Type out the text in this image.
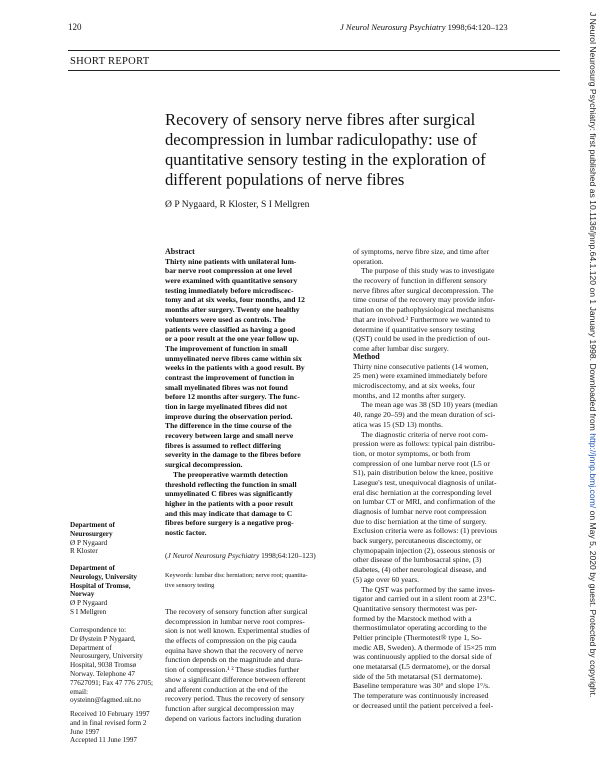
120	J Neurol Neurosurg Psychiatry 1998;64:120–123
SHORT REPORT
Recovery of sensory nerve fibres after surgical
decompression in lumbar radiculopathy: use of
quantitative sensory testing in the exploration of
different populations of nerve fibres
Ø P Nygaard, R Kloster, S I Mellgren
Abstract
Thirty nine patients with unilateral lum-
bar nerve root compression at one level
were examined with quantitative sensory
testing immediately before microdiscec-
tomy and at six weeks, four months, and 12
months after surgery. Twenty one healthy
volunteers were used as controls. The
patients were classified as having a good
or a poor result at the one year follow up.
The improvement of function in small
unmyelinated nerve fibres came within six
weeks in the patients with a good result. By
contrast the improvement of function in
small myelinated fibres was not found
before 12 months after surgery. The func-
tion in large myelinated fibres did not
improve during the observation period.
The difference in the time course of the
recovery between large and small nerve
fibres is assumed to reflect differing
severity in the damage to the fibres before
surgical decompression.
The preoperative warmth detection
threshold reflecting the function in small
unmyelinated C fibres was significantly
higher in the patients with a poor result
and this may indicate that damage to C
fibres before surgery is a negative prog-
nostic factor.
(J Neurol Neurosurg Psychiatry 1998;64:120–123)
Keywords: lumbar disc herniation; nerve root; quantita-
tive sensory testing
The recovery of sensory function after surgical
decompression in lumbar nerve root compres-
sion is not well known. Experimental studies of
the effects of compression on the pig cauda
equina have shown that the recovery of nerve
function depends on the magnitude and dura-
tion of compression.¹ ² These studies further
show a significant difference between efferent
and afferent conduction at the end of the
recovery period. Thus the recovery of sensory
function after surgical decompression may
depend on various factors including duration
of symptoms, nerve fibre size, and time after
operation.
The purpose of this study was to investigate
the recovery of function in different sensory
nerve fibres after surgical decompression. The
time course of the recovery may provide infor-
mation on the pathophysiological mechanisms
that are involved.³ Furthermore we wanted to
determine if quantitative sensory testing
(QST) could be used in the prediction of out-
come after lumbar disc surgery.
Method
Thirty nine consecutive patients (14 women,
25 men) were examined immediately before
microdiscectomy, and at six weeks, four
months, and 12 months after surgery.
The mean age was 38 (SD 10) years (median
40, range 20–59) and the mean duration of sci-
atica was 15 (SD 13) months.
The diagnostic criteria of nerve root com-
pression were as follows: typical pain distribu-
tion, or motor symptoms, or both from
compression of one lumbar nerve root (L5 or
S1), pain distribution below the knee, positive
Lasegue's test, unequivocal diagnosis of unilat-
eral disc herniation at the corresponding level
on lumbar CT or MRI, and confirmation of the
diagnosis of lumbar nerve root compression
due to disc herniation at the time of surgery.
Exclusion criteria were as follows: (1) previous
back surgery, percutaneous discectomy, or
chymopapain injection (2), osseous stenosis or
other disease of the lumbosacral spine, (3)
diabetes, (4) other neurological disease, and
(5) age over 60 years.
The QST was performed by the same inves-
tigator and carried out in a silent room at 23°C.
Quantitative sensory thermotest was per-
formed by the Marstock method with a
thermostimulator operating according to the
Peltier principle (Thermotest® type 1, So-
medic AB, Sweden). A thermode of 15×25 mm
was continuously applied to the dorsal side of
one metatarsal (L5 dermatome), or the dorsal
side of the 5th metatarsal (S1 dermatome).
Baseline temperature was 30° and slope 1°/s.
The temperature was continuously increased
or decreased until the patient perceived a feel-
Department of
Neurosurgery
Ø P Nygaard
R Kloster
Department of
Neurology, University
Hospital of Tromsø,
Norway
Ø P Nygaard
S I Mellgren
Correspondence to:
Dr Øystein P Nygaard,
Department of
Neurosurgery, University
Hospital, 9038 Tromsø
Norway. Telephone 47
77627091; Fax 47 776 2705;
email:
oysteinn@fagmed.uit.no
Received 10 February 1997
and in final revised form 2
June 1997
Accepted 11 June 1997
J Neurol Neurosurg Psychiatry: first published as 10.1136/jnnp.64.1.120 on 1 January 1998. Downloaded from http://jnnp.bmj.com/ on May 5, 2020 by guest. Protected by copyright.
